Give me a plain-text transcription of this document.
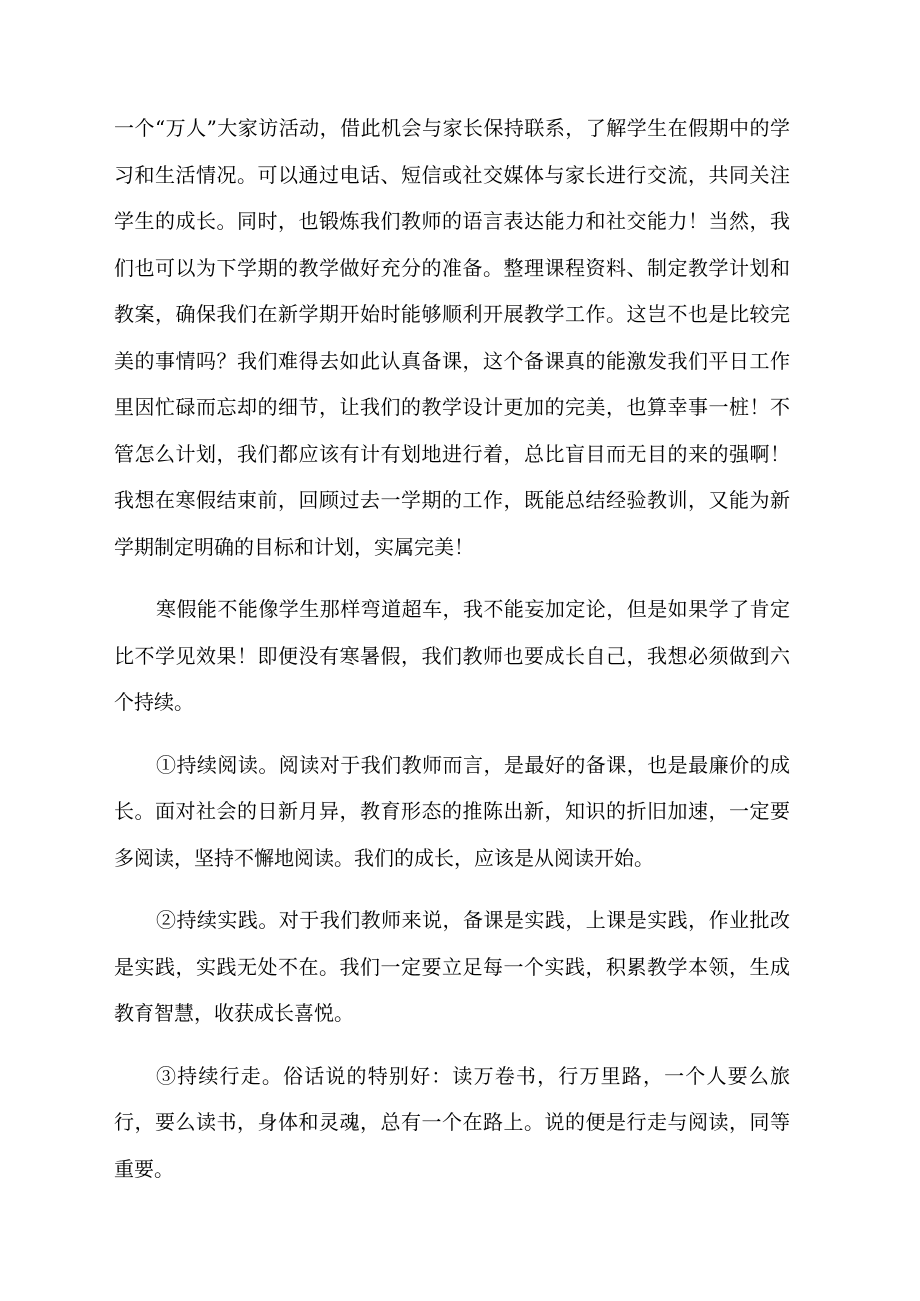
一个“万人”大家访活动，借此机会与家长保持联系，了解学生在假期中的学习和生活情况。可以通过电话、短信或社交媒体与家长进行交流，共同关注学生的成长。同时，也锻炼我们教师的语言表达能力和社交能力！当然，我们也可以为下学期的教学做好充分的准备。整理课程资料、制定教学计划和教案，确保我们在新学期开始时能够顺利开展教学工作。这岂不也是比较完美的事情吗？我们难得去如此认真备课，这个备课真的能激发我们平日工作里因忙碌而忘却的细节，让我们的教学设计更加的完美，也算幸事一桩！不管怎么计划，我们都应该有计有划地进行着，总比盲目而无目的来的强啊！我想在寒假结束前，回顾过去一学期的工作，既能总结经验教训，又能为新学期制定明确的目标和计划，实属完美！

寒假能不能像学生那样弯道超车，我不能妄加定论，但是如果学了肯定比不学见效果！即便没有寒暑假，我们教师也要成长自己，我想必须做到六个持续。

①持续阅读。阅读对于我们教师而言，是最好的备课，也是最廉价的成长。面对社会的日新月异，教育形态的推陈出新，知识的折旧加速，一定要多阅读，坚持不懈地阅读。我们的成长，应该是从阅读开始。

②持续实践。对于我们教师来说，备课是实践，上课是实践，作业批改是实践，实践无处不在。我们一定要立足每一个实践，积累教学本领，生成教育智慧，收获成长喜悦。

③持续行走。俗话说的特别好：读万卷书，行万里路，一个人要么旅行，要么读书，身体和灵魂，总有一个在路上。说的便是行走与阅读，同等重要。
